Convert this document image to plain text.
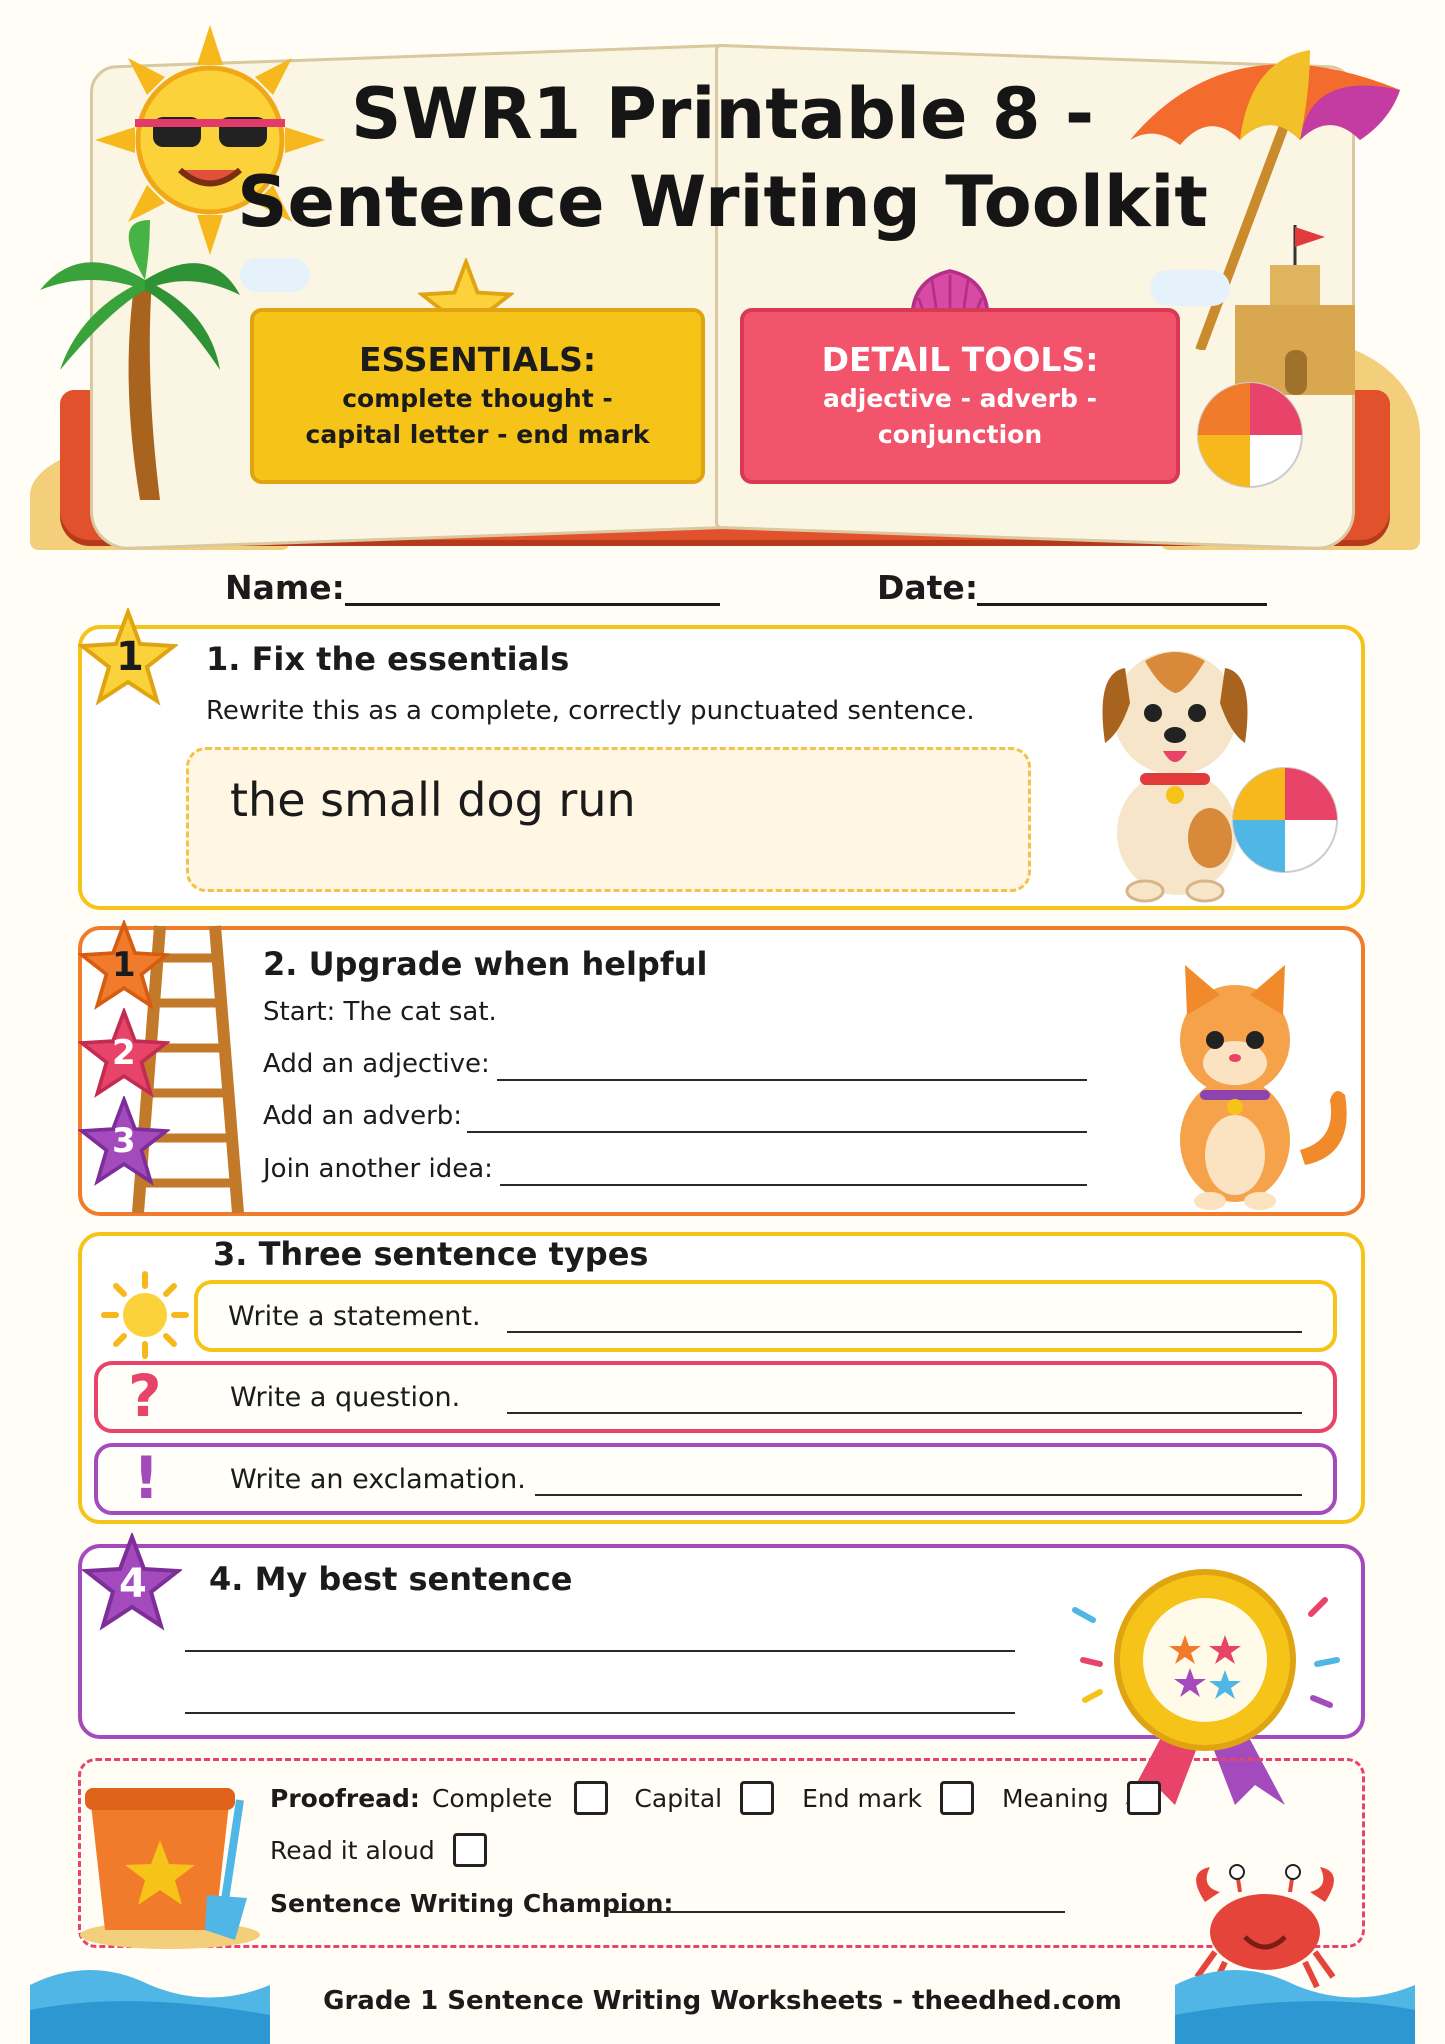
SWR1 Printable 8 -
Sentence Writing Toolkit
ESSENTIALS:
complete thought -
capital letter - end mark
DETAIL TOOLS:
adjective - adverb - conjunction
Name:	Date:
1 1. Fix the essentials
Rewrite this as a complete, correctly punctuated sentence.
the small dog run
1
2
3
2. Upgrade when helpful
Start: The cat sat.
Add an adjective:
Add an adverb:
Join another idea:
3. Three sentence types
Write a statement.
Write a question.
?
Write an exclamation.
!
4 4. My best sentence
Proofread: Complete	Capital	End mark	Meaning
Read it aloud
Sentence Writing Champion:
Grade 1 Sentence Writing Worksheets - theedhed.com
